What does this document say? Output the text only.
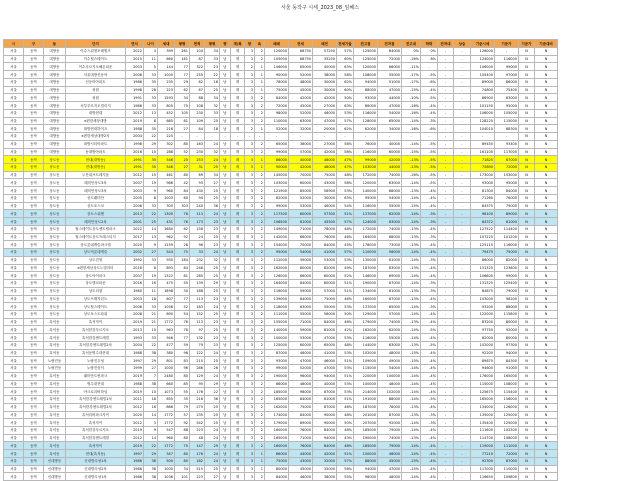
서울 동작구 시세_2023_08_임혜스
시	구	동	단지	연식	나이	세대	평형	면적	평형	향	계/복	방	욕	매매	전세	매전	전세가율	전고점	전저점	전고대	하락	전저대	상승	기준시세	기준가	기준가	기준대비
서울	동작	대방동	이수스위첸포레힐즈	2022	4	399	261	104	34	남	계	3	2	120000	68750	57250	57%	125000	64000	0%	0%	-	-	128000	-	N	N
서울	동작	대방동	이수힐스테이트	2015	11	660	161	87	33	남	계	3	2	105000	68750	35250	60%	125000	72000	-16%	8%	-	-	124000	116000	N	N
서울	동작	대방동	이수푸르지오해온타운	2003	5	144	77	322	23	남	계	2	1	106000	65000	40000	63%	120000	66000	-11%	-	-	-	106000	99000	N	N
서울	동작	대방동	서울대방신동아	2006	33	1000	77	255	22	남	계	3	1	90000	52000	38000	58%	108000	55000	-17%	-5%	-	-	105400	97000	N	N
서울	동작	대방동	신동아아파트	1986	35	235	29	62	16	남	계	3	1	78000	48000	30000	62%	94000	51000	-17%	-6%	-	-	89000	86000	N	N
서울	동작	대방동	성원	1998	28	223	62	67	25	남	계	3	1	75000	45000	30000	60%	88000	47000	-15%	-4%	-	-	74800	75400	N	N
서울	동작	대방동	성원	1991	33	1593	34	88	34	남	계	3	2	84000	42000	42000	50%	93000	44000	-10%	-5%	-	-	86900	83000	N	N
서울	동작	대방동	서부푸르지오빌리지	1986	33	805	75	108	32	남	계	3	2	72000	45000	27000	63%	86000	47000	-16%	-4%	-	-	101150	95000	N	N
서울	동작	대방동	대방현대	2012	13	452	105	230	33	남	계	3	2	98000	52000	46000	53%	116000	54000	-16%	-4%	-	-	106000	105000	N	N
서울	동작	대방동	e편한세상대방	2019	8	685	81	109	25	남	계	3	2	110000	63000	47000	57%	128000	65000	-14%	-3%	-	-	128225	115000	N	N
서울	동작	대방동	대방현대하이츠	1988	35	216	27	84	18	남	계	2	1	52000	32000	20000	62%	62000	34000	-16%	-6%	-	-	104010	88300	N	N
서울	동작	대방동	e편한세상대방2차	2004	22	225	-	-	-	-	-	-	-	-	-	-	-	-	-	-	-	-	-	-	-	N	N
서울	동작	대방동	대방시티아파트	1998	29	302	80	163	24	남	계	3	2	65000	38000	27000	58%	76000	40000	-14%	-5%	-	-	89450	93400	N	N
서울	동작	대방동	동대방아파트	2016	10	288	52	230	32	남	계	3	2	99000	57000	42000	58%	116000	60000	-15%	-5%	-	-	161100	117000	N	N
서울	동작	상도동	현대(대방동)	1991	35	546	25	253	24	남	계	3	1	86000	40000	46000	47%	99000	42000	-13%	-5%	-	-	71825	67000	N	N
서울	동작	상도동	현대(대방동)	1991	35	546	27	31	25	남	계	3	1	90000	42000	48000	47%	103000	44000	-13%	-5%	-	-	75890	72000	N	N
서울	동작	상도동	두산위브트레지움	2012	15	461	80	69	34	남	계	3	2	145000	70000	75000	48%	172000	74000	-16%	-5%	-	-	173000	153000	N	N
서울	동작	상도동	래미안상도3차	2007	19	986	42	93	27	남	계	3	2	103000	60000	43000	58%	120000	63000	-14%	-5%	-	-	93000	95000	N	N
서울	동작	상도동	래미안상도3차	2003	9	960	84	430	25	남	계	3	2	121900	65000	56900	53%	140000	68000	-13%	-4%	-	-	81300	84000	N	N
서울	동작	상도동	상도래미안	2005	8	1003	60	94	25	남	계	3	2	82000	52000	30000	63%	95000	54000	-14%	-4%	-	-	71260	76000	N	N
서울	동작	상도동	상도포스코	2006	33	300	303	240	36	남	계	3	2	99000	53000	46000	54%	116000	55000	-15%	-4%	-	-	84575	79000	N	N
서울	동작	상도동	상도스위첸	2013	22	1300	76	113	24	남	계	3	2	117300	60000	57300	51%	137000	62000	-14%	-3%	-	-	98100	89000	N	N
서울	동작	상도동	래미안상도2차	2001	25	431	76	173	23	남	계	3	2	106500	61000	45500	57%	124000	63000	-14%	-3%	-	-	84372	81000	N	N
서울	동작	상도동	힐스테이트상도센트럴파크	2022	14	1680	62	158	23	남	계	3	2	149000	71000	78000	48%	172000	74000	-13%	-4%	-	-	127522	114400	N	N
서울	동작	상도동	힐스테이트상도프레스티지	2017	13	962	92	24	25	남	계	3	2	142000	66000	76000	46%	164000	68000	-13%	-3%	-	-	107225	101200	N	N
서울	동작	상도동	상도롯데캐슬파크엘	2020	9	1159	28	96	23	남	계	3	2	154000	70000	84000	45%	178000	73000	-13%	-4%	-	-	125115	116000	N	N
서울	동작	상도동	상도역롯데캐슬	2002	27	544	75	33	24	남	계	3	2	95000	54000	41000	57%	110000	56000	-14%	-4%	-	-	79475	75000	N	N
서울	동작	상도동	상도건영	1992	33	930	184	232	32	남	계	3	2	112000	59000	53000	53%	130000	61000	-14%	-3%	-	-	86000	82000	N	N
서울	동작	상도동	e편한세상상도노빌리티	2018	8	893	84	246	25	남	계	3	2	162000	80000	82000	49%	187000	83000	-13%	-4%	-	-	131325	123600	N	N
서울	동작	상도동	상도아이파크	2007	19	1322	81	285	25	남	계	3	2	126000	66000	60000	52%	146000	69000	-14%	-4%	-	-	106600	99000	N	N
서울	동작	상도동	상도엠코타운	2016	16	475	55	139	29	남	계	3	2	164000	84000	80000	51%	190000	87000	-14%	-3%	-	-	131325	125400	N	N
서울	동작	상도동	상도더샵	1980	11	1898	30	186	25	남	계	3	2	116000	59000	57000	51%	134000	61000	-13%	-3%	-	-	84875	79000	N	N
서울	동작	상도동	상도프레지던트	2003	18	607	77	113	23	남	계	3	2	139000	64000	75000	46%	160000	67000	-13%	-4%	-	-	103000	98200	N	N
서울	동작	상도동	상도힐스테이트	2006	33	1058	52	183	24	남	계	3	2	118000	63000	55000	53%	137000	65000	-14%	-3%	-	-	93200	88000	N	N
서울	동작	상도동	상도포스트타워	2008	21	690	54	152	25	남	계	3	2	111000	55000	56000	50%	129000	57000	-14%	-4%	-	-	122000	115800	N	N
서울	동작	흑석동	흑석자이	2019	21	1772	76	113	23	남	계	3	2	155000	71000	84000	46%	179000	74000	-13%	-4%	-	-	83200	80000	N	N
서울	동작	흑석동	흑석한강푸르지오	2013	15	963	78	97	25	남	계	3	2	140000	59000	81000	42%	162000	62000	-14%	-5%	-	-	97750	92000	N	N
서울	동작	흑석동	흑석한강센트레빌	1993	33	946	77	132	23	남	계	3	2	100000	53000	47000	53%	116000	55000	-14%	-4%	-	-	82000	80000	N	N
서울	동작	흑석동	흑석한강센트레빌2차	2004	22	477	59	79	23	남	계	3	2	125000	60000	65000	48%	144000	63000	-13%	-5%	-	-	102000	97300	N	N
서울	동작	흑석동	흑석동명수대현대	1988	38	380	96	122	24	남	계	3	2	87000	46000	41000	53%	102000	48000	-15%	-4%	-	-	92200	94000	N	N
서울	동작	노량진동	노량진우성	1997	29	801	83	215	25	남	계	3	2	93000	47000	46000	51%	109000	49000	-15%	-4%	-	-	89875	84300	N	N
서울	동작	노량진동	노량진삼익	1999	27	1000	96	286	26	남	계	3	2	99000	52000	47000	53%	115000	54000	-14%	-4%	-	-	94600	91000	N	N
서울	동작	흑석동	래미안트윈파크	2019	7	2480	80	129	24	남	계	3	2	190000	96000	94000	51%	220000	100000	-14%	-4%	-	-	176000	165000	N	N
서울	동작	흑석동	명수대현대	1988	38	660	85	95	29	남	계	3	2	86000	46000	40000	53%	100000	48000	-14%	-4%	-	-	115000	108000	N	N
서울	동작	흑석동	아크로리버하임	2019	10	1073	55	176	22	남	계	3	2	185000	98000	87000	53%	214000	102000	-14%	-4%	-	-	125675	115400	N	N
서울	동작	흑석동	흑석한강센트레빌1차	2011	18	655	35	216	36	남	계	3	2	165000	84000	81000	51%	191000	88000	-14%	-5%	-	-	165000	156000	N	N
서울	동작	흑석동	흑석한강센트레빌2차	2012	16	866	79	275	25	남	계	3	2	162000	75000	87000	46%	187000	78000	-13%	-4%	-	-	134000	126000	N	N
서울	동작	흑석동	흑석리버파크자이	2020	14	1772	57	235	25	남	계	3	2	174000	84000	90000	48%	201000	87000	-13%	-3%	-	-	135000	125000	N	N
서울	동작	흑석동	흑석자이	2012	3	1772	92	542	25	남	계	3	2	179000	89000	90000	50%	207000	92000	-14%	-3%	-	-	135400	125000	N	N
서울	동작	흑석동	흑석한강푸르지오	2019	9	547	88	223	24	남	계	3	2	160000	76000	84000	48%	185000	79000	-14%	-4%	-	-	111600	102300	N	N
서울	동작	흑석동	흑석한강센트레빌	2012	14	960	80	48	24	남	계	3	2	165000	71000	94000	43%	190000	74000	-13%	-4%	-	-	114700	108000	N	N
서울	동작	흑석동	흑석자이	2019	22	1772	75	147	29	남	계	3	2	160000	76000	84000	48%	185000	79000	-14%	-4%	-	-	119000	111000	N	N
서울	동작	흑석동	현대(흑석동)	1997	29	347	80	176	24	남	계	3	1	86000	44000	42000	51%	100000	46000	-14%	-4%	-	-	77210	72000	N	N
서울	동작	신대방동	신대방우성1차	1986	38	500	80	182	24	남	계	3	1	75000	43000	32000	57%	88000	45000	-15%	-4%	-	-	92300	87000	N	N
서울	동작	신대방동	신대방우성2차	1986	38	1000	34	515	25	남	계	3	1	80000	45000	35000	56%	94000	47000	-15%	-4%	-	-	117000	110000	N	N
서울	동작	신대방동	신대방우성1차	1986	38	1036	101	223	27	남	계	3	2	84000	46000	38000	55%	98000	48000	-14%	-4%	-	-	116650	109800	N	N
